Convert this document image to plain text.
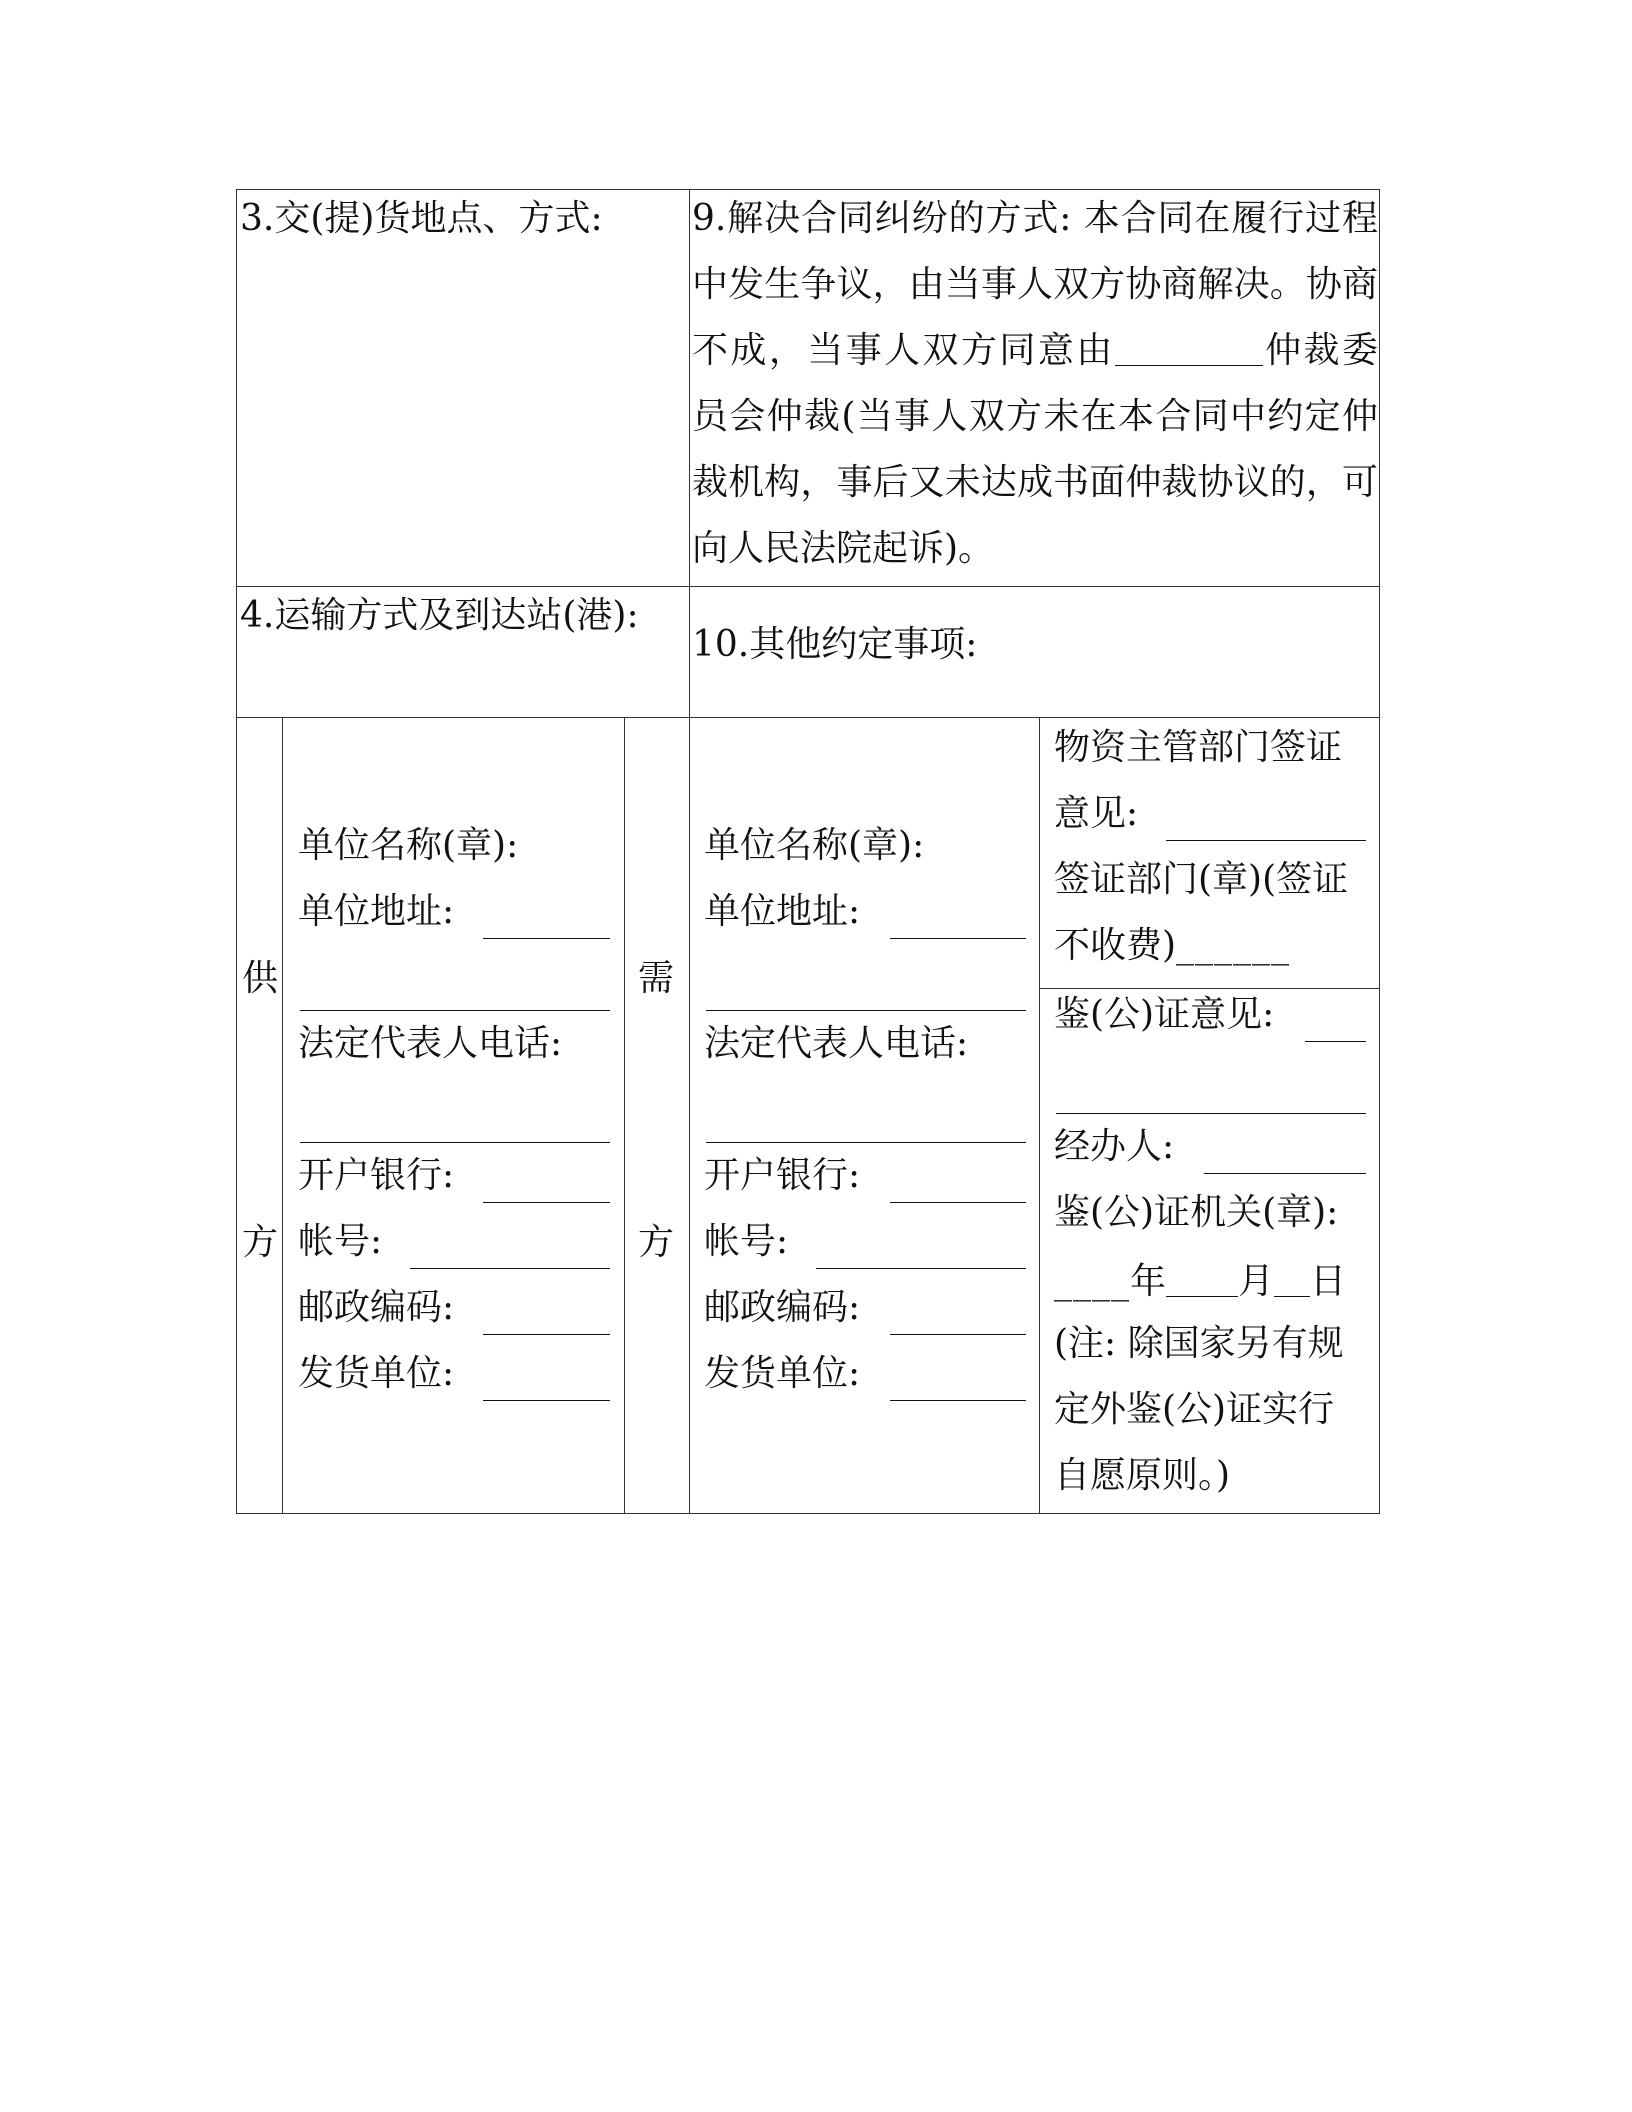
3.交(提)货地点、方式: 9.解决合同纠纷的方式: 本合同在履行过程中发生争议，由当事人双方协商解决。协商不成，当事人双方同意由	仲裁委员会仲裁(当事人双方未在本合同中约定仲裁机构，事后又未达成书面仲裁协议的，可向人民法院起诉)。
4.运输方式及到达站(港):
10.其他约定事项:
供
方
单位名称(章):
单位地址:
法定代表人电话:
开户银行:
帐号:
邮政编码:
发货单位:
需
方
单位名称(章):
单位地址:
法定代表人电话:
开户银行:
帐号:
邮政编码:
发货单位:
物资主管部门签证
意见:
签证部门(章)(签证
不收费)______
鉴(公)证意见:
经办人:
鉴(公)证机关(章):
____年 月 日
(注: 除国家另有规
定外鉴(公)证实行
自愿原则。)
